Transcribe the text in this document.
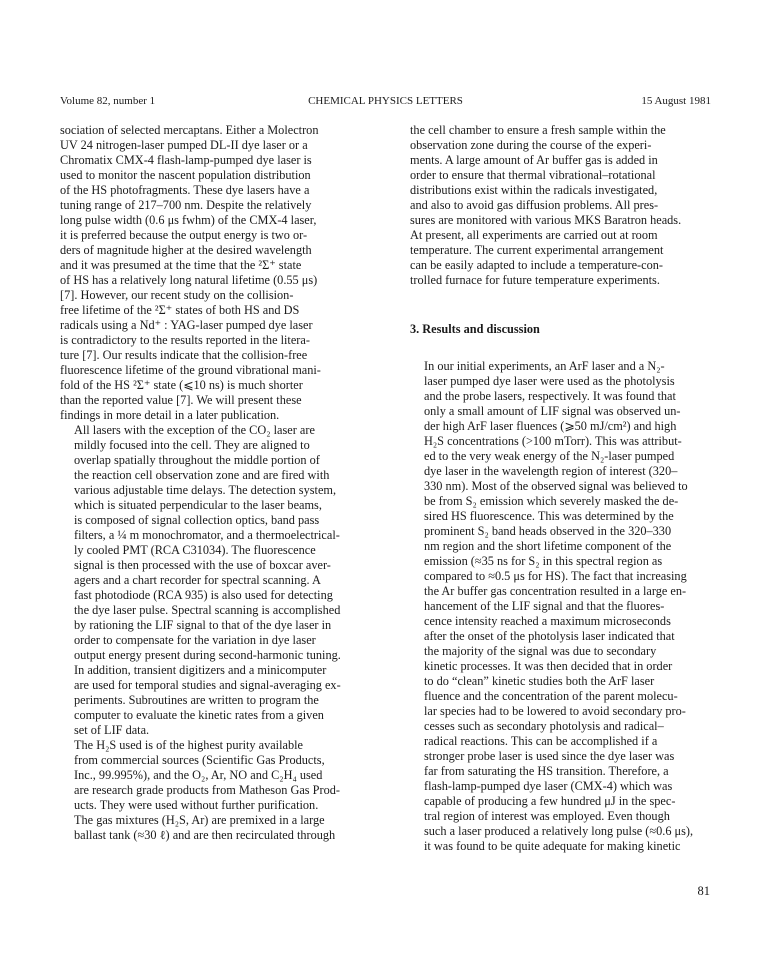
Volume 82, number 1	CHEMICAL PHYSICS LETTERS	15 August 1981

sociation of selected mercaptans. Either a Molectron
UV 24 nitrogen-laser pumped DL-II dye laser or a
Chromatix CMX-4 flash-lamp-pumped dye laser is
used to monitor the nascent population distribution
of the HS photofragments. These dye lasers have a
tuning range of 217–700 nm. Despite the relatively
long pulse width (0.6 μs fwhm) of the CMX-4 laser,
it is preferred because the output energy is two or-
ders of magnitude higher at the desired wavelength
and it was presumed at the time that the ²Σ⁺ state
of HS has a relatively long natural lifetime (0.55 μs)
[7]. However, our recent study on the collision-
free lifetime of the ²Σ⁺ states of both HS and DS
radicals using a Nd⁺ : YAG-laser pumped dye laser
is contradictory to the results reported in the litera-
ture [7]. Our results indicate that the collision-free
fluorescence lifetime of the ground vibrational mani-
fold of the HS ²Σ⁺ state (⩽10 ns) is much shorter
than the reported value [7]. We will present these
findings in more detail in a later publication.

All lasers with the exception of the CO₂ laser are
mildly focused into the cell. They are aligned to
overlap spatially throughout the middle portion of
the reaction cell observation zone and are fired with
various adjustable time delays. The detection system,
which is situated perpendicular to the laser beams,
is composed of signal collection optics, band pass
filters, a ¼ m monochromator, and a thermoelectrical-
ly cooled PMT (RCA C31034). The fluorescence
signal is then processed with the use of boxcar aver-
agers and a chart recorder for spectral scanning. A
fast photodiode (RCA 935) is also used for detecting
the dye laser pulse. Spectral scanning is accomplished
by rationing the LIF signal to that of the dye laser in
order to compensate for the variation in dye laser
output energy present during second-harmonic tuning.
In addition, transient digitizers and a minicomputer
are used for temporal studies and signal-averaging ex-
periments. Subroutines are written to program the
computer to evaluate the kinetic rates from a given
set of LIF data.

The H₂S used is of the highest purity available
from commercial sources (Scientific Gas Products,
Inc., 99.995%), and the O₂, Ar, NO and C₂H₄ used
are research grade products from Matheson Gas Prod-
ucts. They were used without further purification.
The gas mixtures (H₂S, Ar) are premixed in a large
ballast tank (≈30 ℓ) and are then recirculated through

the cell chamber to ensure a fresh sample within the
observation zone during the course of the experi-
ments. A large amount of Ar buffer gas is added in
order to ensure that thermal vibrational–rotational
distributions exist within the radicals investigated,
and also to avoid gas diffusion problems. All pres-
sures are monitored with various MKS Baratron heads.
At present, all experiments are carried out at room
temperature. The current experimental arrangement
can be easily adapted to include a temperature-con-
trolled furnace for future temperature experiments.

3. Results and discussion

In our initial experiments, an ArF laser and a N₂-
laser pumped dye laser were used as the photolysis
and the probe lasers, respectively. It was found that
only a small amount of LIF signal was observed un-
der high ArF laser fluences (⩾50 mJ/cm²) and high
H₂S concentrations (>100 mTorr). This was attribut-
ed to the very weak energy of the N₂-laser pumped
dye laser in the wavelength region of interest (320–
330 nm). Most of the observed signal was believed to
be from S₂ emission which severely masked the de-
sired HS fluorescence. This was determined by the
prominent S₂ band heads observed in the 320–330
nm region and the short lifetime component of the
emission (≈35 ns for S₂ in this spectral region as
compared to ≈0.5 μs for HS). The fact that increasing
the Ar buffer gas concentration resulted in a large en-
hancement of the LIF signal and that the fluores-
cence intensity reached a maximum microseconds
after the onset of the photolysis laser indicated that
the majority of the signal was due to secondary
kinetic processes. It was then decided that in order
to do “clean” kinetic studies both the ArF laser
fluence and the concentration of the parent molecu-
lar species had to be lowered to avoid secondary pro-
cesses such as secondary photolysis and radical–
radical reactions. This can be accomplished if a
stronger probe laser is used since the dye laser was
far from saturating the HS transition. Therefore, a
flash-lamp-pumped dye laser (CMX-4) which was
capable of producing a few hundred μJ in the spec-
tral region of interest was employed. Even though
such a laser produced a relatively long pulse (≈0.6 μs),
it was found to be quite adequate for making kinetic

81
